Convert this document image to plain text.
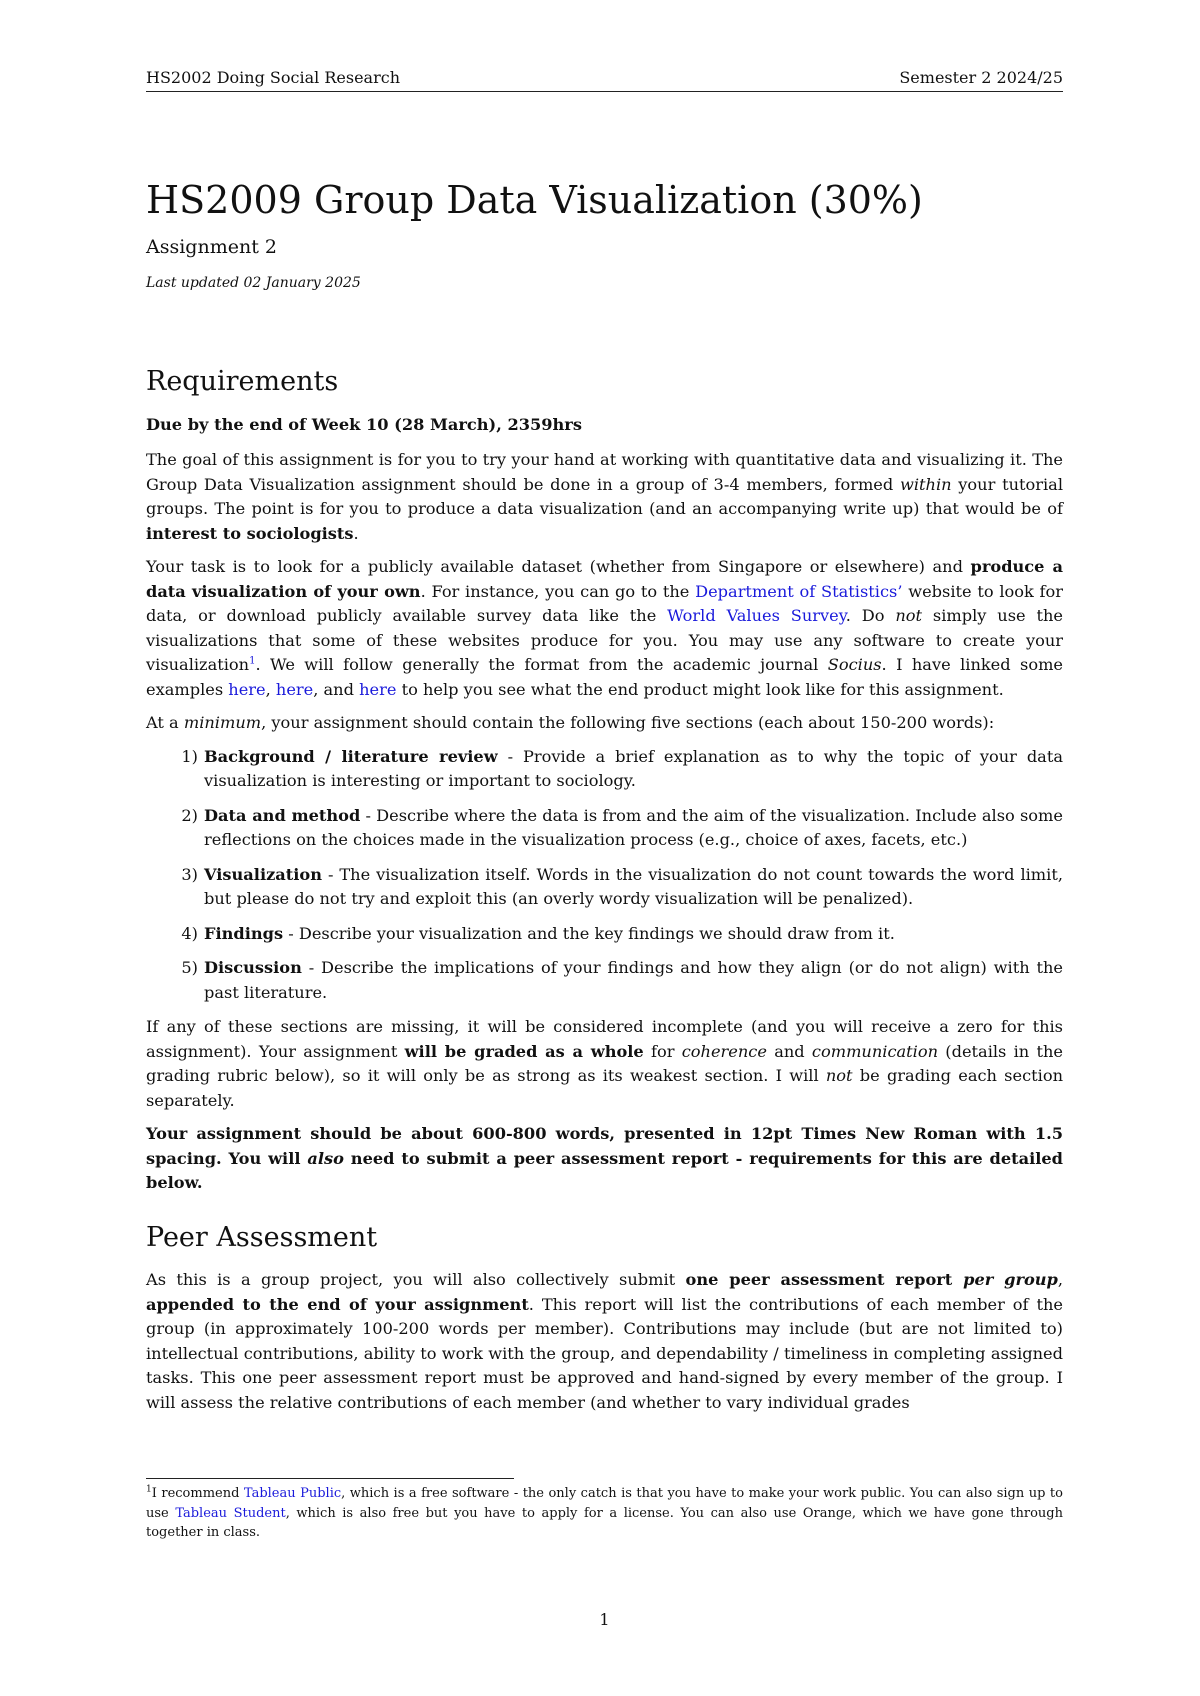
HS2002 Doing Social Research	Semester 2 2024/25
HS2009 Group Data Visualization (30%)
Assignment 2
Last updated 02 January 2025
Requirements

Due by the end of Week 10 (28 March), 2359hrs

The goal of this assignment is for you to try your hand at working with quantitative data and visualizing it. The Group Data Visualization assignment should be done in a group of 3-4 members, formed within your tutorial groups. The point is for you to produce a data visualization (and an accompanying write up) that would be of interest to sociologists.

Your task is to look for a publicly available dataset (whether from Singapore or elsewhere) and produce a data visualization of your own. For instance, you can go to the Department of Statistics’ website to look for data, or download publicly available survey data like the World Values Survey. Do not simply use the visualizations that some of these websites produce for you. You may use any software to create your visualization$^1$. We will follow generally the format from the academic journal Socius. I have linked some examples here, here, and here to help you see what the end product might look like for this assignment.

At a minimum, your assignment should contain the following five sections (each about 150-200 words):

1) Background / literature review - Provide a brief explanation as to why the topic of your data visualization is interesting or important to sociology.
2) Data and method - Describe where the data is from and the aim of the visualization. Include also some reflections on the choices made in the visualization process (e.g., choice of axes, facets, etc.)
3) Visualization - The visualization itself. Words in the visualization do not count towards the word limit, but please do not try and exploit this (an overly wordy visualization will be penalized).
4) Findings - Describe your visualization and the key findings we should draw from it.
5) Discussion - Describe the implications of your findings and how they align (or do not align) with the past literature.

If any of these sections are missing, it will be considered incomplete (and you will receive a zero for this assignment). Your assignment will be graded as a whole for coherence and communication (details in the grading rubric below), so it will only be as strong as its weakest section. I will not be grading each section separately.

Your assignment should be about 600-800 words, presented in 12pt Times New Roman with 1.5 spacing. You will also need to submit a peer assessment report - requirements for this are detailed below.

Peer Assessment

As this is a group project, you will also collectively submit one peer assessment report per group, appended to the end of your assignment. This report will list the contributions of each member of the group (in approximately 100-200 words per member). Contributions may include (but are not limited to) intellectual contributions, ability to work with the group, and dependability / timeliness in completing assigned tasks. This one peer assessment report must be approved and hand-signed by every member of the group. I will assess the relative contributions of each member (and whether to vary individual grades

$^1$I recommend Tableau Public, which is a free software - the only catch is that you have to make your work public. You can also sign up to use Tableau Student, which is also free but you have to apply for a license. You can also use Orange, which we have gone through together in class.
1
